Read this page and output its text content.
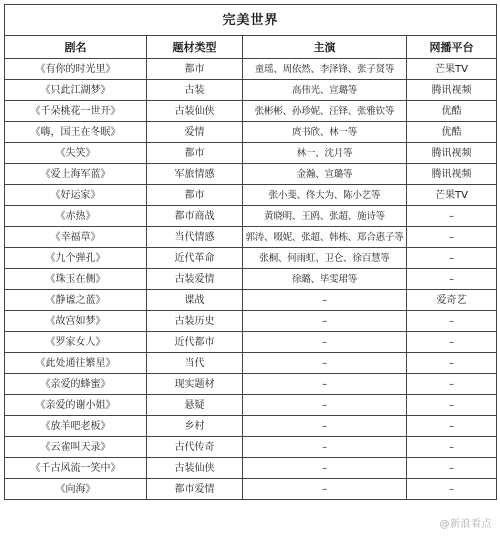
完美世界			
剧名	题材类型	主演	网播平台
《有你的时光里》	都市	童瑶、周依然、李泽锋、张子贤等	芒果TV
《只此江湖梦》	古装	高伟光、宣璐等	腾讯视频
《千朵桃花一世开》	古装仙侠	张彬彬、孙珍妮、汪铎、张雅钦等	优酷
《嗨，国王在冬眠》	爱情	庹书欣、林一等	优酷
《失笑》	都市	林一、沈月等	腾讯视频
《爱上海军蓝》	军旅情感	金瀚、宣璐等	腾讯视频
《好运家》	都市	张小斐、佟大为、陈小艺等	芒果TV
《赤热》	都市商战	黄晓明、王鸥、张超、施诗等	–
《幸福草》	当代情感	郭涛、啜妮、张超、韩栋、郑合惠子等	–
《九个弹孔》	近代革命	张桐、何雨虹、卫仑、徐百慧等	–
《珠玉在侧》	古装爱情	徐璐、毕雯珺等	–
《静谧之蓝》	谍战	–	爱奇艺
《故宫如梦》	古装历史	–	–
《罗家女人》	近代都市	–	–
《此处通往繁星》	当代	–	–
《亲爱的蜂蜜》	现实题材	–	–
《亲爱的谢小姐》	悬疑	–	–
《放羊吧老板》	乡村	–	–
《云雀叫天录》	古代传奇	–	–
《千古风流一笑中》	古装仙侠	–	–
《向海》	都市爱情	–	–
@新浪看点
